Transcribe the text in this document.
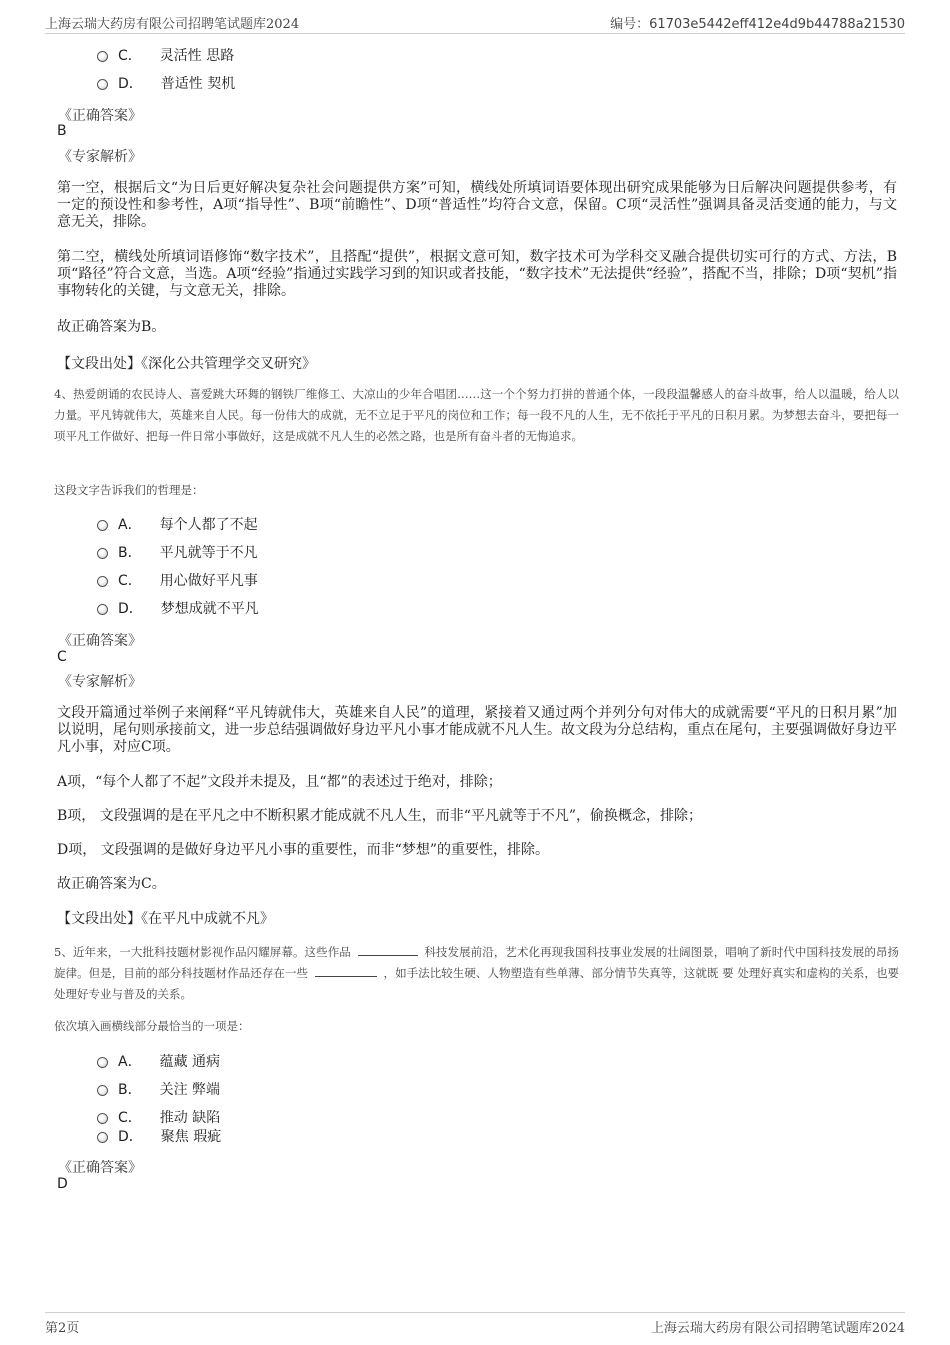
上海云瑞大药房有限公司招聘笔试题库2024	编号：61703e5442eff412e4d9b44788a21530
C． 灵活性 思路
D． 普适性 契机
《正确答案》
B
《专家解析》
第一空，根据后文“为日后更好解决复杂社会问题提供方案”可知，横线处所填词语要体现出研究成果能够为日后解决问题提供参考，有一定的预设性和参考性，A项“指导性”、B项“前瞻性”、D项“普适性”均符合文意，保留。C项“灵活性”强调具备灵活变通的能力，与文意无关，排除。
第二空，横线处所填词语修饰“数字技术”，且搭配“提供”，根据文意可知，数字技术可为学科交叉融合提供切实可行的方式、方法，B项“路径”符合文意，当选。A项“经验”指通过实践学习到的知识或者技能，“数字技术”无法提供“经验”，搭配不当，排除；D项“契机”指事物转化的关键，与文意无关，排除。
故正确答案为B。
【文段出处】《深化公共管理学交叉研究》
4、热爱朗诵的农民诗人、喜爱跳大环舞的钢铁厂维修工、大凉山的少年合唱团……这一个个努力打拼的普通个体，一段段温馨感人的奋斗故事，给人以温暖，给人以力量。平凡铸就伟大，英雄来自人民。每一份伟大的成就，无不立足于平凡的岗位和工作；每一段不凡的人生，无不依托于平凡的日积月累。为梦想去奋斗，要把每一项平凡工作做好、把每一件日常小事做好，这是成就不凡人生的必然之路，也是所有奋斗者的无悔追求。
这段文字告诉我们的哲理是：
A． 每个人都了不起
B． 平凡就等于不凡
C． 用心做好平凡事
D． 梦想成就不平凡
《正确答案》
C
《专家解析》
文段开篇通过举例子来阐释“平凡铸就伟大，英雄来自人民”的道理，紧接着又通过两个并列分句对伟大的成就需要“平凡的日积月累”加以说明，尾句则承接前文，进一步总结强调做好身边平凡小事才能成就不凡人生。故文段为分总结构，重点在尾句，主要强调做好身边平凡小事，对应C项。
A项，“每个人都了不起”文段并未提及，且“都”的表述过于绝对，排除；
B项， 文段强调的是在平凡之中不断积累才能成就不凡人生，而非“平凡就等于不凡”，偷换概念，排除；
D项， 文段强调的是做好身边平凡小事的重要性，而非“梦想”的重要性，排除。
故正确答案为C。
【文段出处】《在平凡中成就不凡》
5、近年来，一大批科技题材影视作品闪耀屏幕。这些作品	科技发展前沿，艺术化再现我国科技事业发展的壮阔图景，唱响了新时代中国科技发展的昂扬旋律。但是，目前的部分科技题材作品还存在一些	，如手法比较生硬、人物塑造有些单薄、部分情节失真等，这就既 要 处理好真实和虚构的关系，也要处理好专业与普及的关系。
依次填入画横线部分最恰当的一项是：
A． 蕴藏 通病
B． 关注 弊端
C． 推动 缺陷
D． 聚焦 瑕疵
《正确答案》
D
第2页	上海云瑞大药房有限公司招聘笔试题库2024
